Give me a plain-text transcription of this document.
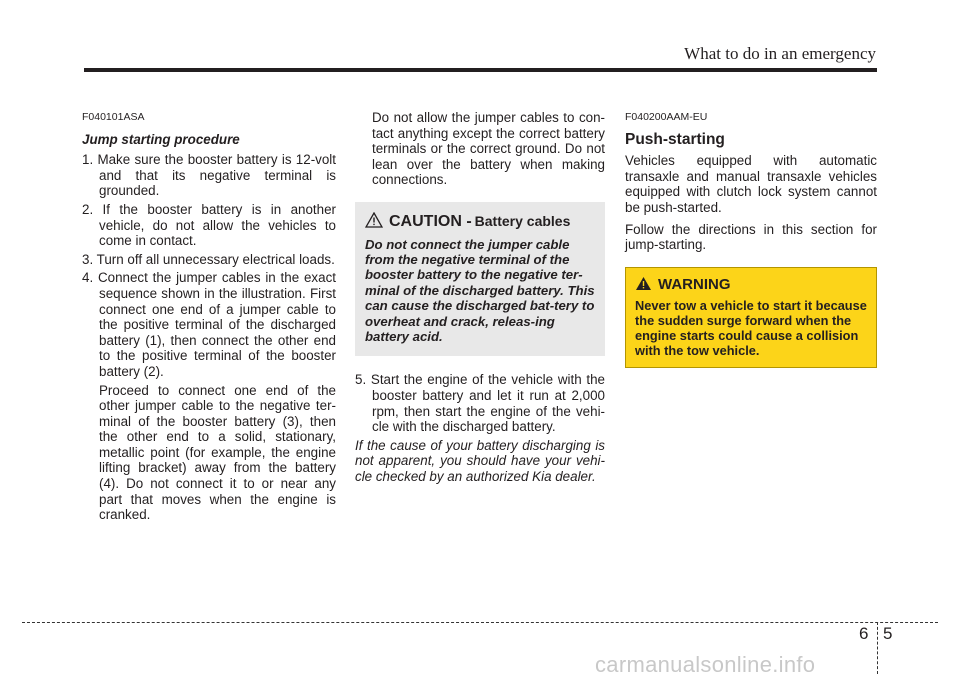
What to do in an emergency
F040101ASA
Jump starting procedure
1. Make sure the booster battery is 12-volt and that its negative terminal is grounded.
2. If the booster battery is in another vehicle, do not allow the vehicles to come in contact.
3. Turn off all unnecessary electrical loads.
4. Connect the jumper cables in the exact sequence shown in the illustration. First connect one end of a jumper cable to the positive terminal of the discharged battery (1), then connect the other end to the positive terminal of the booster battery (2).

Proceed to connect one end of the other jumper cable to the negative ter-minal of the booster battery (3), then the other end to a solid, stationary, metallic point (for example, the engine lifting bracket) away from the battery (4). Do not connect it to or near any part that moves when the engine is cranked.

Do not allow the jumper cables to con-tact anything except the correct battery terminals or the correct ground. Do not lean over the battery when making connections.

CAUTION - Battery cables
Do not connect the jumper cable from the negative terminal of the booster battery to the negative ter-minal of the discharged battery. This can cause the discharged bat-tery to overheat and crack, releas-ing battery acid.
5. Start the engine of the vehicle with the booster battery and let it run at 2,000 rpm, then start the engine of the vehi-cle with the discharged battery.

If the cause of your battery discharging is not apparent, you should have your vehi-cle checked by an authorized Kia dealer.

F040200AAM-EU
Push-starting

Vehicles equipped with automatic transaxle and manual transaxle vehicles equipped with clutch lock system cannot be push-started.

Follow the directions in this section for jump-starting.

WARNING
Never tow a vehicle to start it because the sudden surge forward when the engine starts could cause a collision with the tow vehicle.
6 5
carmanualsonline.info
